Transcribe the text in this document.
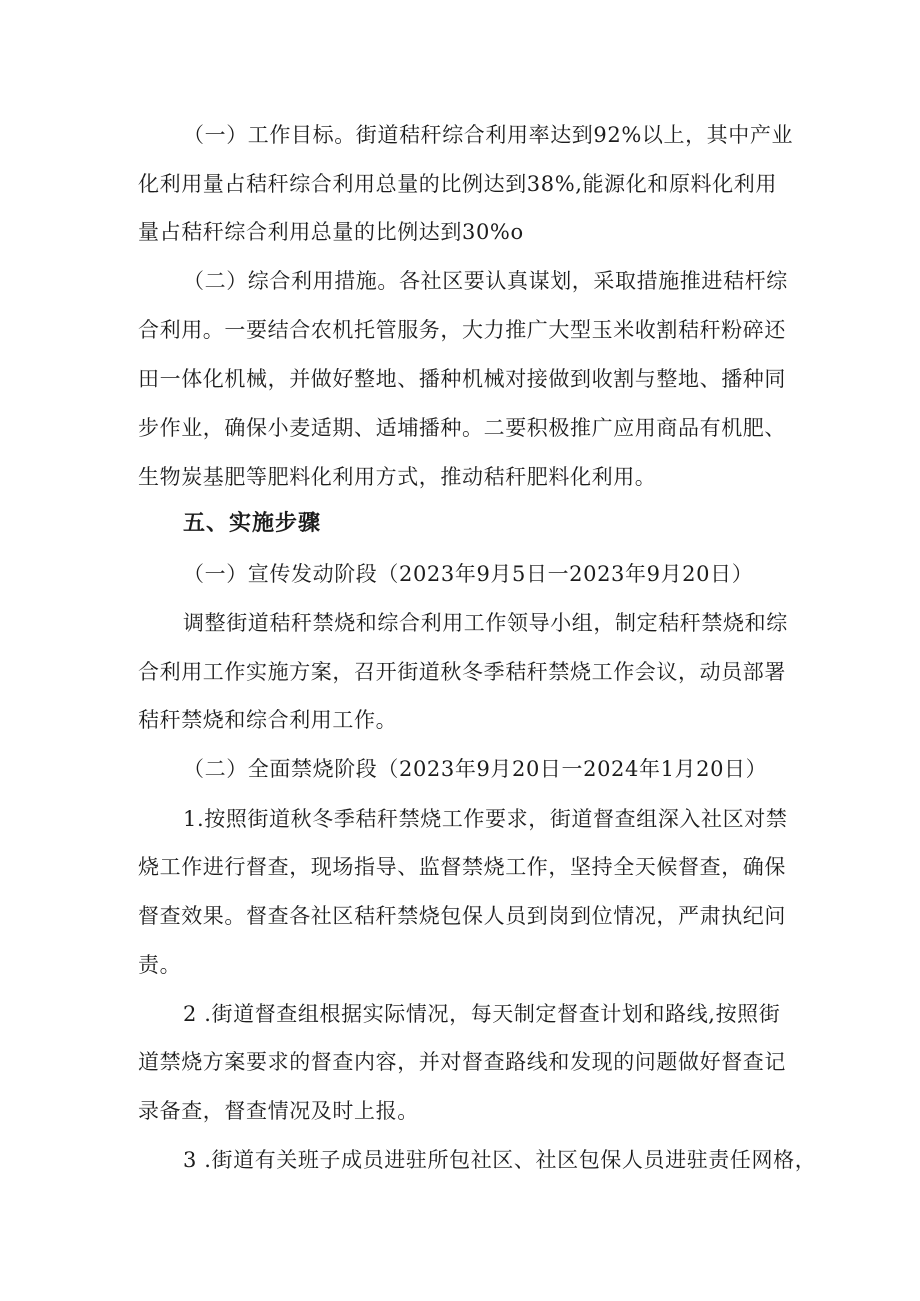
（一）工作目标。街道秸秆综合利用率达到92%以上，其中产业
化利用量占秸秆综合利用总量的比例达到38%,能源化和原料化利用
量占秸秆综合利用总量的比例达到30%o
（二）综合利用措施。各社区要认真谋划，采取措施推进秸杆综
合利用。一要结合农机托管服务，大力推广大型玉米收割秸秆粉碎还
田一体化机械，并做好整地、播种机械对接做到收割与整地、播种同
步作业，确保小麦适期、适埔播种。二要积极推广应用商品有机肥、
生物炭基肥等肥料化利用方式，推动秸秆肥料化利用。
五、实施步骤
（一）宣传发动阶段（2023年9月5日一2023年9月20日）
调整街道秸秆禁烧和综合利用工作领导小组，制定秸秆禁烧和综
合利用工作实施方案，召开街道秋冬季秸秆禁烧工作会议，动员部署
秸秆禁烧和综合利用工作。
（二）全面禁烧阶段（2023年9月20日一2024年1月20日）
1.按照街道秋冬季秸秆禁烧工作要求，街道督查组深入社区对禁
烧工作进行督查，现场指导、监督禁烧工作，坚持全天候督查，确保
督查效果。督查各社区秸秆禁烧包保人员到岗到位情况，严肃执纪问
责。
2 .街道督查组根据实际情况，每天制定督查计划和路线,按照街
道禁烧方案要求的督查内容，并对督查路线和发现的问题做好督查记
录备查，督查情况及时上报。
3 .街道有关班子成员进驻所包社区、社区包保人员进驻责任网格，
